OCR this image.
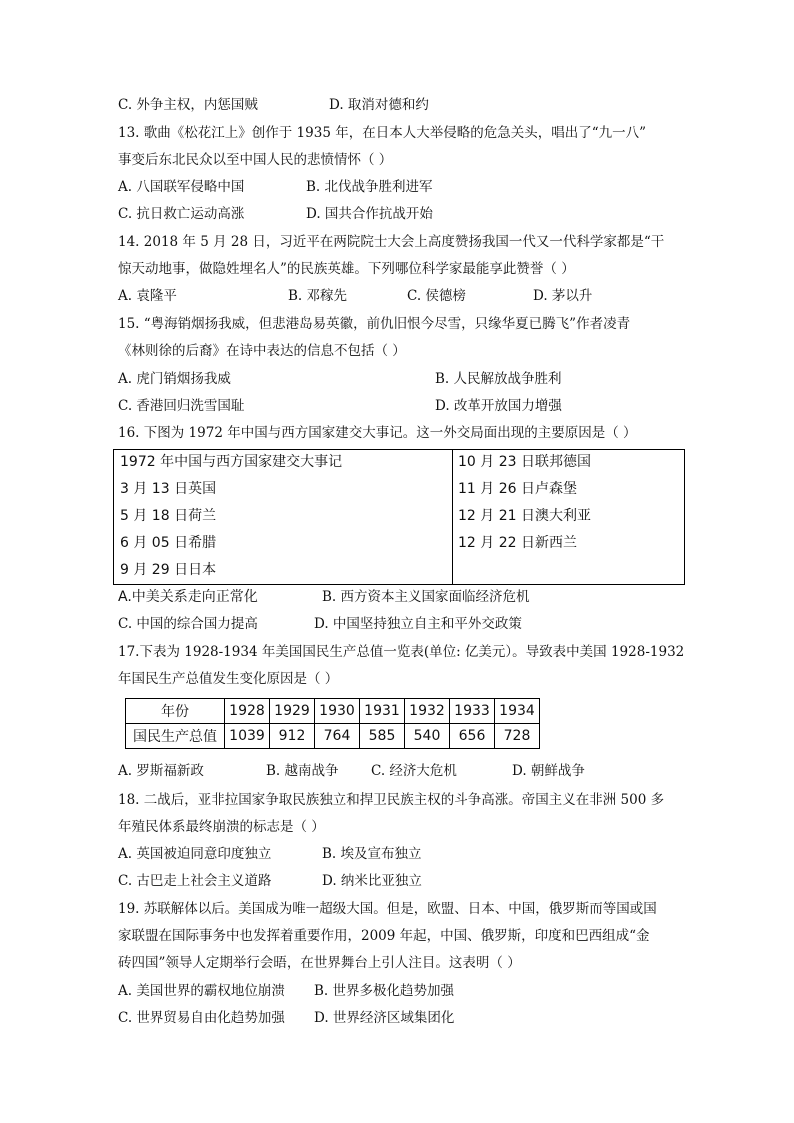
C. 外争主权，内惩国贼	D. 取消对德和约
13. 歌曲《松花江上》创作于 1935 年，在日本人大举侵略的危急关头，唱出了“九一八”
事变后东北民众以至中国人民的悲愤情怀（ ）
A. 八国联军侵略中国	B. 北伐战争胜利进军
C. 抗日救亡运动高涨	D. 国共合作抗战开始
14. 2018 年 5 月 28 日，习近平在两院院士大会上高度赞扬我国一代又一代科学家都是“干
惊天动地事，做隐姓埋名人”的民族英雄。下列哪位科学家最能享此赞誉（ ）
A. 袁隆平	B. 邓稼先	C. 侯德榜	D. 茅以升
15. “粤海销烟扬我威，但悲港岛易英徽，前仇旧恨今尽雪，只缘华夏已腾飞”作者凌青
《林则徐的后裔》在诗中表达的信息不包括（ ）
A. 虎门销烟扬我威	B. 人民解放战争胜利
C. 香港回归洗雪国耻	D. 改革开放国力增强
16. 下图为 1972 年中国与西方国家建交大事记。这一外交局面出现的主要原因是（ ）
1972 年中国与西方国家建交大事记
3 月 13 日英国
5 月 18 日荷兰
6 月 05 日希腊
9 月 29 日日本
10 月 23 日联邦德国
11 月 26 日卢森堡
12 月 21 日澳大利亚
12 月 22 日新西兰
A.中美关系走向正常化	B. 西方资本主义国家面临经济危机
C. 中国的综合国力提高	D. 中国坚持独立自主和平外交政策
17.下表为 1928-1934 年美国国民生产总值一览表(单位: 亿美元）。导致表中美国 1928-1932
年国民生产总值发生变化原因是（ ）
年份	1928	1929	1930	1931	1932	1933	1934
国民生产总值	1039	912	764	585	540	656	728
A. 罗斯福新政	B. 越南战争 C. 经济大危机	D. 朝鲜战争
18. 二战后，亚非拉国家争取民族独立和捍卫民族主权的斗争高涨。帝国主义在非洲 500 多
年殖民体系最终崩溃的标志是（ ）
A. 英国被迫同意印度独立	B. 埃及宣布独立
C. 古巴走上社会主义道路	D. 纳米比亚独立
19. 苏联解体以后。美国成为唯一超级大国。但是，欧盟、日本、中国，俄罗斯而等国或国
家联盟在国际事务中也发挥着重要作用，2009 年起，中国、俄罗斯，印度和巴西组成“金
砖四国”领导人定期举行会晤，在世界舞台上引人注目。这表明（ ）
A. 美国世界的霸权地位崩溃 B. 世界多极化趋势加强
C. 世界贸易自由化趋势加强 D. 世界经济区域集团化
